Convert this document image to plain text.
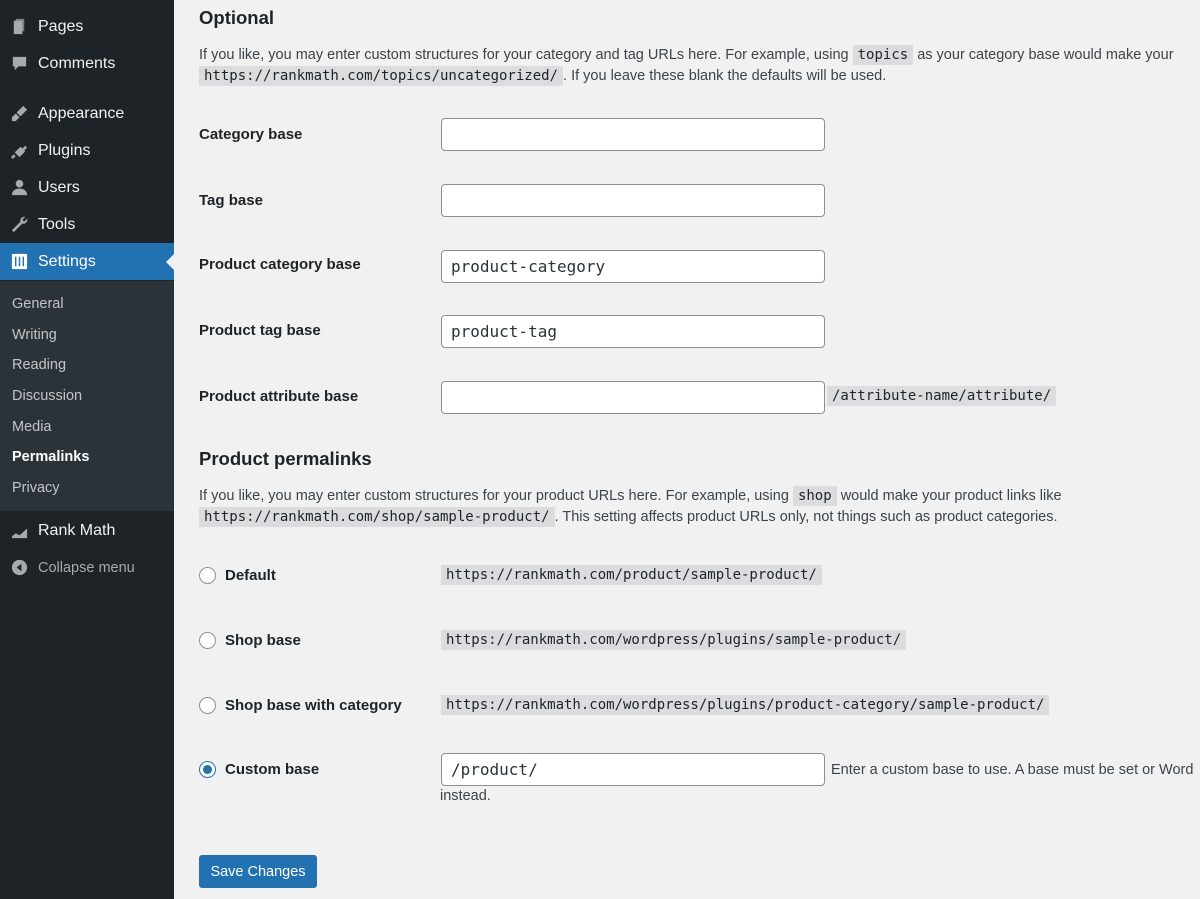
Pages
Comments
Appearance
Plugins
Users
Tools
Settings
General
Writing
Reading
Discussion
Media
Permalinks
Privacy
Rank Math
Collapse menu
Optional
If you like, you may enter custom structures for your category and tag URLs here. For example, using topics as your category base would make your
https://rankmath.com/topics/uncategorized/ . If you leave these blank the defaults will be used.
Category base
Tag base
Product category base	product-category
Product tag base	product-tag
Product attribute base	/attribute-name/attribute/
Product permalinks
If you like, you may enter custom structures for your product URLs here. For example, using shop would make your product links like
https://rankmath.com/shop/sample-product/ . This setting affects product URLs only, not things such as product categories.
Default	https://rankmath.com/product/sample-product/
Shop base	https://rankmath.com/wordpress/plugins/sample-product/
Shop base with category	https://rankmath.com/wordpress/plugins/product-category/sample-product/
Custom base	/product/	Enter a custom base to use. A base must be set or Word
instead.
Save Changes
